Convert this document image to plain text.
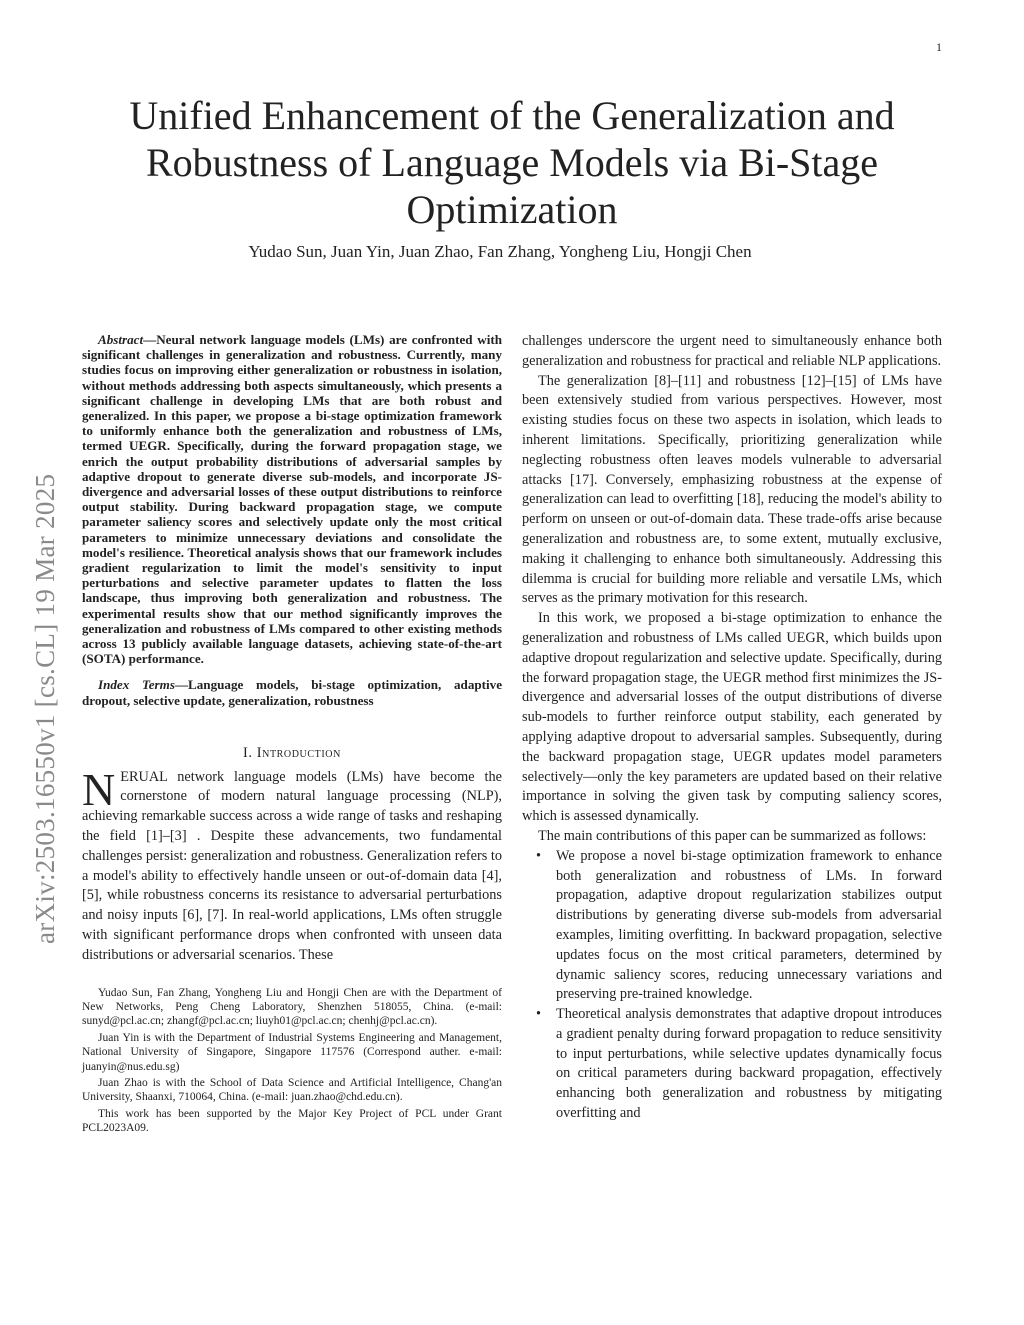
1
arXiv:2503.16550v1 [cs.CL] 19 Mar 2025
Unified Enhancement of the Generalization and Robustness of Language Models via Bi-Stage Optimization

Yudao Sun, Juan Yin, Juan Zhao, Fan Zhang, Yongheng Liu, Hongji Chen

Abstract—Neural network language models (LMs) are confronted with significant challenges in generalization and robustness. Currently, many studies focus on improving either generalization or robustness in isolation, without methods addressing both aspects simultaneously, which presents a significant challenge in developing LMs that are both robust and generalized. In this paper, we propose a bi-stage optimization framework to uniformly enhance both the generalization and robustness of LMs, termed UEGR. Specifically, during the forward propagation stage, we enrich the output probability distributions of adversarial samples by adaptive dropout to generate diverse sub-models, and incorporate JS-divergence and adversarial losses of these output distributions to reinforce output stability. During backward propagation stage, we compute parameter saliency scores and selectively update only the most critical parameters to minimize unnecessary deviations and consolidate the model's resilience. Theoretical analysis shows that our framework includes gradient regularization to limit the model's sensitivity to input perturbations and selective parameter updates to flatten the loss landscape, thus improving both generalization and robustness. The experimental results show that our method significantly improves the generalization and robustness of LMs compared to other existing methods across 13 publicly available language datasets, achieving state-of-the-art (SOTA) performance.

Index Terms—Language models, bi-stage optimization, adaptive dropout, selective update, generalization, robustness

I. Introduction

NERUAL network language models (LMs) have become the cornerstone of modern natural language processing (NLP), achieving remarkable success across a wide range of tasks and reshaping the field [1]–[3] . Despite these advancements, two fundamental challenges persist: generalization and robustness. Generalization refers to a model's ability to effectively handle unseen or out-of-domain data [4], [5], while robustness concerns its resistance to adversarial perturbations and noisy inputs [6], [7]. In real-world applications, LMs often struggle with significant performance drops when confronted with unseen data distributions or adversarial scenarios. These

Yudao Sun, Fan Zhang, Yongheng Liu and Hongji Chen are with the Department of New Networks, Peng Cheng Laboratory, Shenzhen 518055, China. (e-mail: sunyd@pcl.ac.cn; zhangf@pcl.ac.cn; liuyh01@pcl.ac.cn; chenhj@pcl.ac.cn).

Juan Yin is with the Department of Industrial Systems Engineering and Management, National University of Singapore, Singapore 117576 (Correspond auther. e-mail: juanyin@nus.edu.sg)

Juan Zhao is with the School of Data Science and Artificial Intelligence, Chang'an University, Shaanxi, 710064, China. (e-mail: juan.zhao@chd.edu.cn).

This work has been supported by the Major Key Project of PCL under Grant PCL2023A09.

challenges underscore the urgent need to simultaneously enhance both generalization and robustness for practical and reliable NLP applications.

The generalization [8]–[11] and robustness [12]–[15] of LMs have been extensively studied from various perspectives. However, most existing studies focus on these two aspects in isolation, which leads to inherent limitations. Specifically, prioritizing generalization while neglecting robustness often leaves models vulnerable to adversarial attacks [17]. Conversely, emphasizing robustness at the expense of generalization can lead to overfitting [18], reducing the model's ability to perform on unseen or out-of-domain data. These trade-offs arise because generalization and robustness are, to some extent, mutually exclusive, making it challenging to enhance both simultaneously. Addressing this dilemma is crucial for building more reliable and versatile LMs, which serves as the primary motivation for this research.

In this work, we proposed a bi-stage optimization to enhance the generalization and robustness of LMs called UEGR, which builds upon adaptive dropout regularization and selective update. Specifically, during the forward propagation stage, the UEGR method first minimizes the JS-divergence and adversarial losses of the output distributions of diverse sub-models to further reinforce output stability, each generated by applying adaptive dropout to adversarial samples. Subsequently, during the backward propagation stage, UEGR updates model parameters selectively—only the key parameters are updated based on their relative importance in solving the given task by computing saliency scores, which is assessed dynamically.

The main contributions of this paper can be summarized as follows:

• We propose a novel bi-stage optimization framework to enhance both generalization and robustness of LMs. In forward propagation, adaptive dropout regularization stabilizes output distributions by generating diverse sub-models from adversarial examples, limiting overfitting. In backward propagation, selective updates focus on the most critical parameters, determined by dynamic saliency scores, reducing unnecessary variations and preserving pre-trained knowledge.
• Theoretical analysis demonstrates that adaptive dropout introduces a gradient penalty during forward propagation to reduce sensitivity to input perturbations, while selective updates dynamically focus on critical parameters during backward propagation, effectively enhancing both generalization and robustness by mitigating overfitting and
